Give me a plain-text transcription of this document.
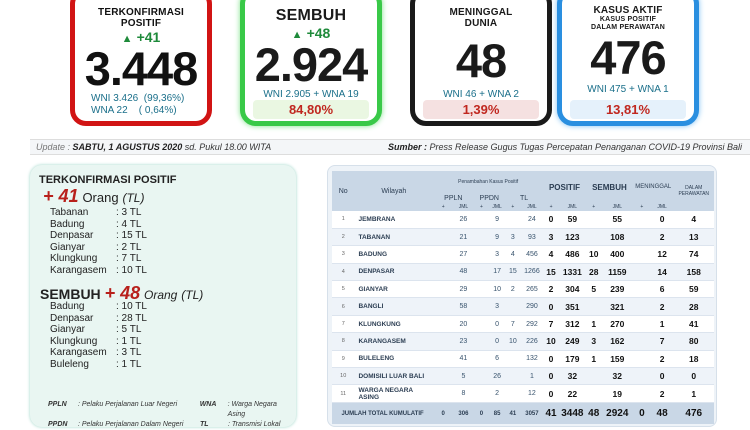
TERKONFIRMASI
POSITIF
▲ +41
3.448
WNI 3.426  (99,36%)
WNA 22    ( 0,64%)
SEMBUH
▲ +48
2.924
WNI 2.905 + WNA 19
84,80%
MENINGGAL
DUNIA
48
WNI 46 + WNA 2
1,39%
KASUS AKTIF
KASUS POSITIF
DALAM PERAWATAN
476
WNI 475 + WNA 1
13,81%
Update : SABTU, 1 AGUSTUS 2020 sd. Pukul 18.00 WITA	Sumber : Press Release Gugus Tugas Percepatan Penanganan COVID-19 Provinsi Bali
TERKONFIRMASI POSITIF
+ 41 Orang (TL)
Tabanan	: 3 TL
Badung	: 4 TL
Denpasar	: 15 TL
Gianyar	: 2 TL
Klungkung	: 7 TL
Karangasem : 10 TL
SEMBUH + 48 Orang (TL)
Badung	: 10 TL
Denpasar	: 28 TL
Gianyar	: 5 TL
Klungkung	: 1 TL
Karangasem : 3 TL
Buleleng	: 1 TL
PPLN	: Pelaku Perjalanan Luar Negeri	WNA	: Warga Negara Asing
PPDN	: Pelaku Perjalanan Dalam Negeri	TL	: Transmisi Lokal
No	Wilayah	Penambahan Kasus Positif						POSITIF		SEMBUH		MENINGGAL		DALAM
PERAWATAN

		PPLN		PPDN		TL								
		+	JML	+	JML	+	JML	+	JML	+	JML	+	JML	
1	JEMBRANA		26		9		24	0	59		55		0	4
2	TABANAN		21		9	3	93	3	123		108		2	13
3	BADUNG		27		3	4	456	4	486	10	400		12	74
4	DENPASAR		48		17	15	1266	15	1331	28	1159		14	158
5	GIANYAR		29		10	2	265	2	304	5	239		6	59
6	BANGLI		58		3		290	0	351		321		2	28
7	KLUNGKUNG		20		0	7	292	7	312	1	270		1	41
8	KARANGASEM		23		0	10	226	10	249	3	162		7	80
9	BULELENG		41		6		132	0	179	1	159		2	18
10	DOMISILI LUAR BALI		5		26		1	0	32		32		0	0
11	WARGA NEGARA ASING		8		2		12	0	22		19		2	1
JUMLAH TOTAL KUMULATIF		0	306	0	85	41	3057	41	3448	48	2924	0	48	476
